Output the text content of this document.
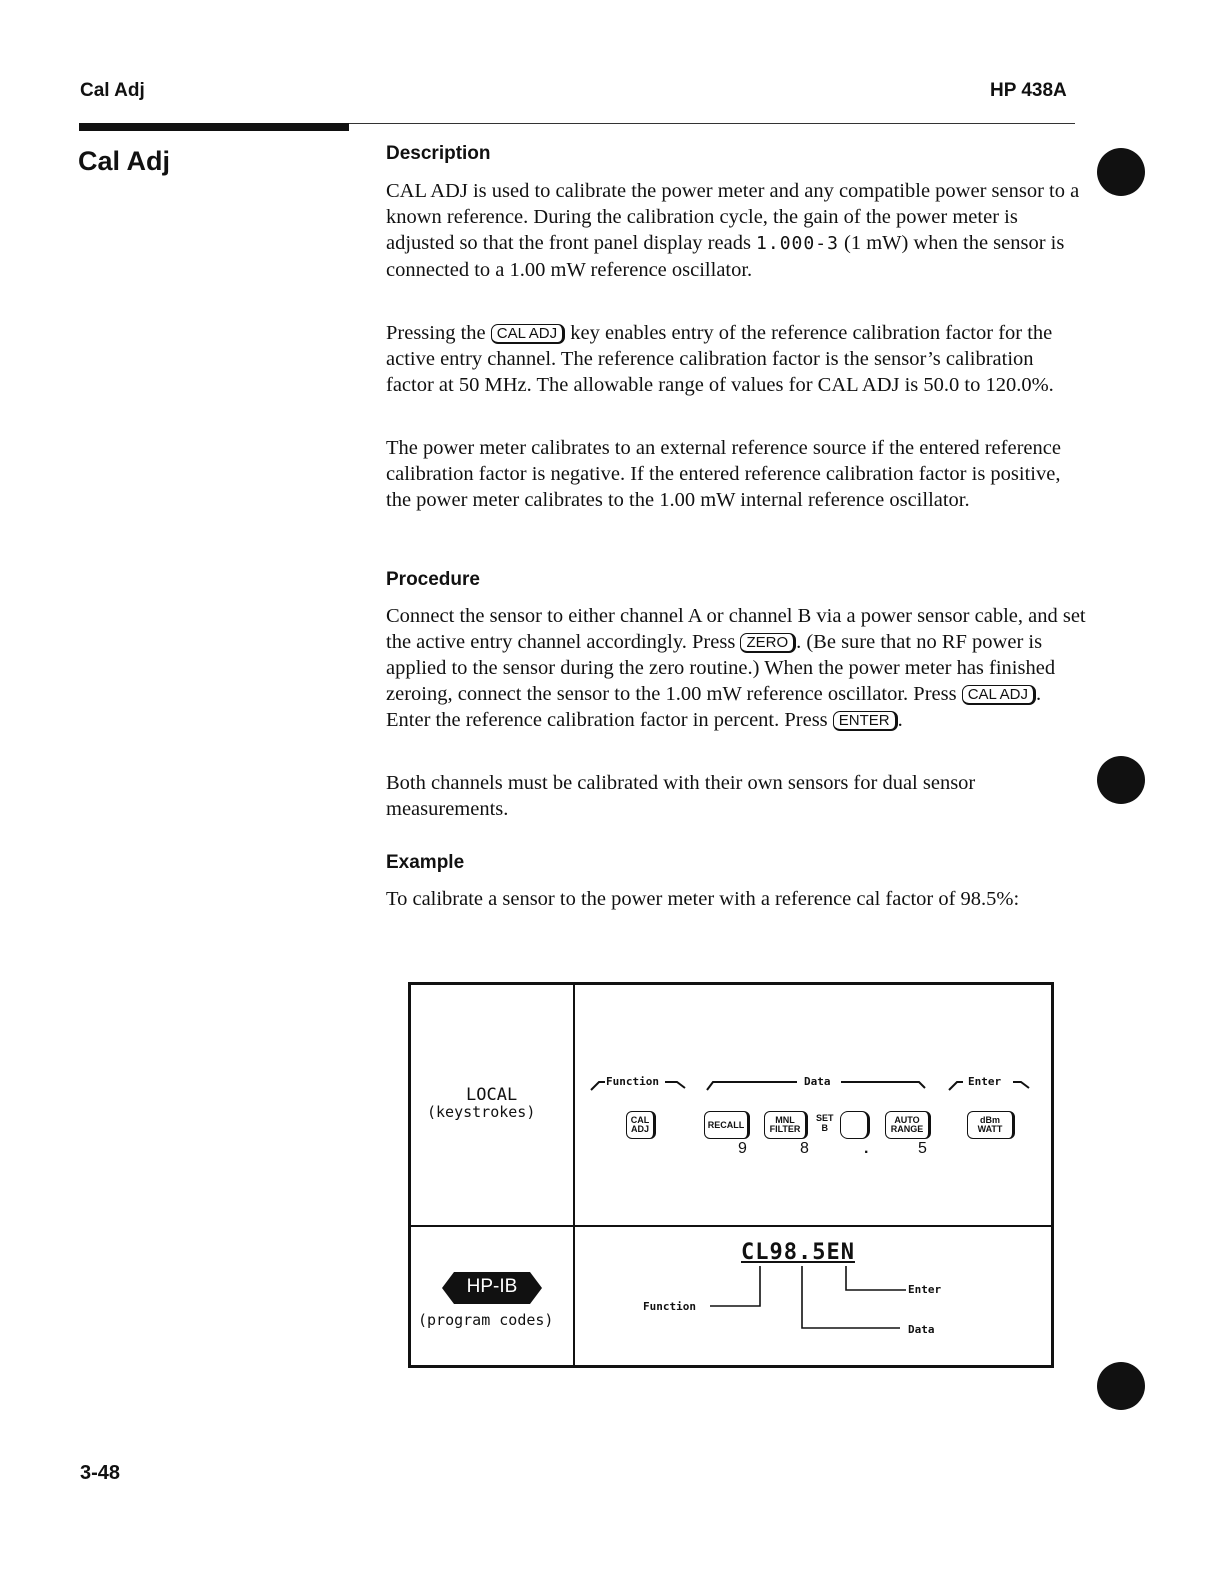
Cal Adj	HP 438A
Cal Adj	Description
CAL ADJ is used to calibrate the power meter and any compatible power sensor to a known reference. During the calibration cycle, the gain of the power meter is adjusted so that the front panel display reads 1.000-3 (1 mW) when the sensor is connected to a 1.00 mW reference oscillator.
Pressing the CAL ADJ key enables entry of the reference calibration factor for the active entry channel. The reference calibration factor is the sensor’s calibration factor at 50 MHz. The allowable range of values for CAL ADJ is 50.0 to 120.0%.
The power meter calibrates to an external reference source if the entered reference calibration factor is negative. If the entered reference calibration factor is positive, the power meter calibrates to the 1.00 mW internal reference oscillator.
Procedure
Connect the sensor to either channel A or channel B via a power sensor cable, and set the active entry channel accordingly. Press ZERO . (Be sure that no RF power is applied to the sensor during the zero routine.) When the power meter has finished zeroing, connect the sensor to the 1.00 mW reference oscillator. Press CAL ADJ . Enter the reference calibration factor in percent. Press ENTER .
Both channels must be calibrated with their own sensors for dual sensor measurements.
Example
To calibrate a sensor to the power meter with a reference cal factor of 98.5%:
LOCAL
(keystrokes)
Function	Data	Enter
CAL
ADJ	RECALL	MNL
FILTER
SET
B
AUTO
RANGE
dBm
WATT
9	8	.	5
HP-IB
(program codes)
CL98.5EN
Function
Enter
Data
3-48
